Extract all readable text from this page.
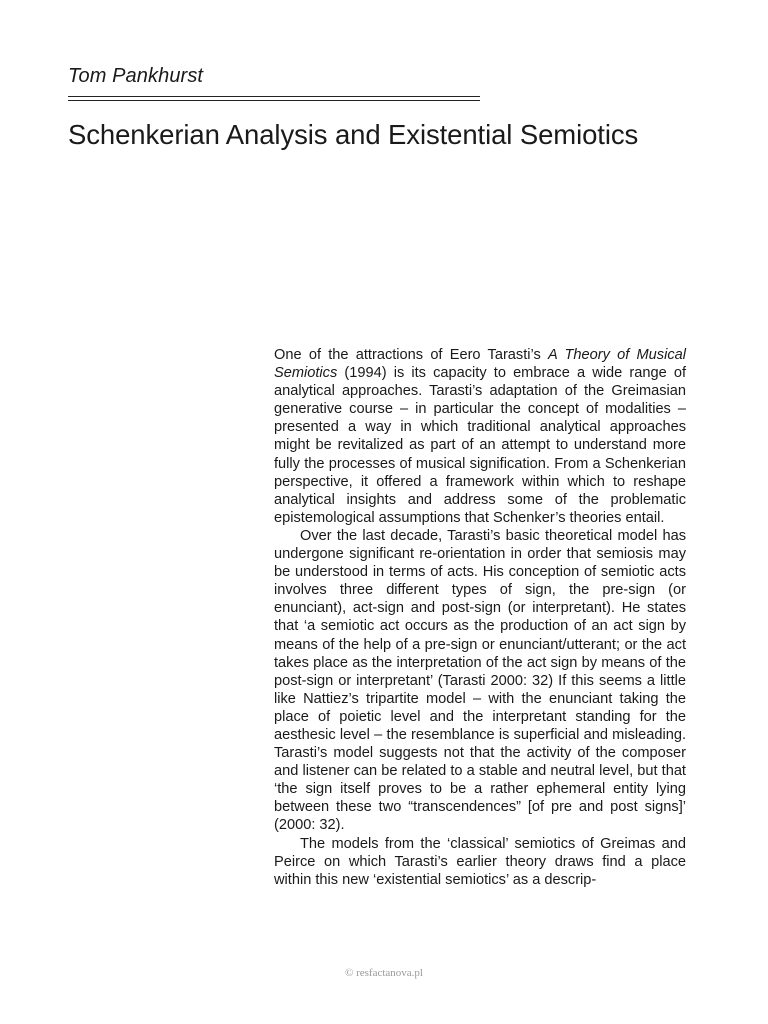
Tom Pankhurst
Schenkerian Analysis and Existential Semiotics

One of the attractions of Eero Tarasti’s A Theory of Musical Semiotics (1994) is its capacity to embrace a wide range of analytical approaches. Tarasti’s adaptation of the Greimasian generative course – in particular the concept of modalities – presented a way in which traditional analytical approaches might be revitalized as part of an attempt to understand more fully the processes of musical signification. From a Schenkerian perspective, it offered a framework within which to reshape analytical insights and address some of the problematic epistemological assumptions that Schenker’s theories entail.

Over the last decade, Tarasti’s basic theoretical model has undergone significant re-orientation in order that semiosis may be understood in terms of acts. His conception of semiotic acts involves three different types of sign, the pre-sign (or enunciant), act-sign and post-sign (or interpretant). He states that ‘a semiotic act occurs as the production of an act sign by means of the help of a pre-sign or enunciant/utterant; or the act takes place as the interpretation of the act sign by means of the post-sign or interpretant’ (Tarasti 2000: 32) If this seems a little like Nattiez’s tripartite model – with the enunciant taking the place of poietic level and the interpretant standing for the aesthesic level – the resemblance is superficial and misleading. Tarasti’s model suggests not that the activity of the composer and listener can be related to a stable and neutral level, but that ‘the sign itself proves to be a rather ephemeral entity lying between these two “transcendences” [of pre and post signs]’ (2000: 32).

The models from the ‘classical’ semiotics of Greimas and Peirce on which Tarasti’s earlier theory draws find a place within this new ‘existential semiotics’ as a descrip-

© resfactanova.pl
